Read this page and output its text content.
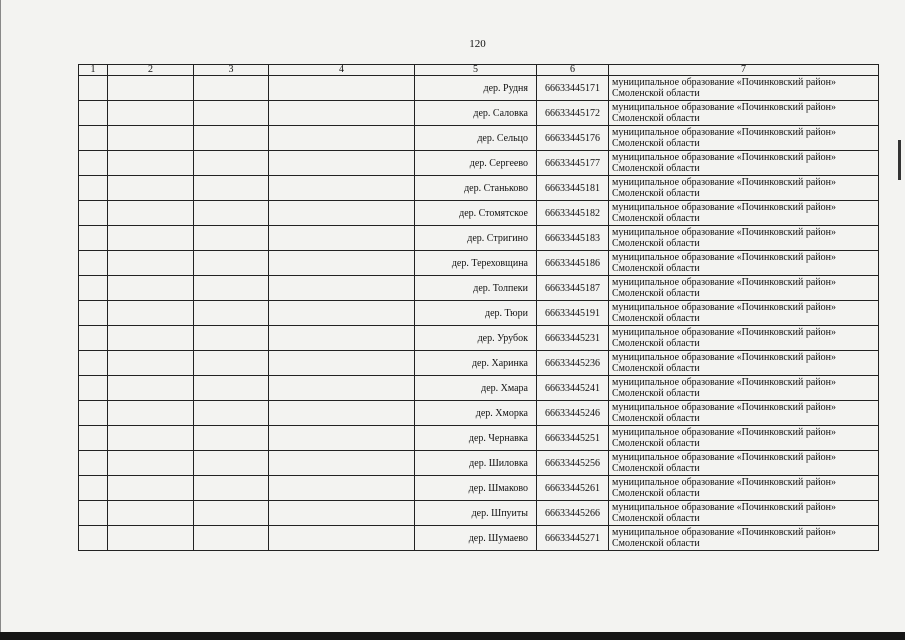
120
1	2	3	4	5	6	7
				дер. Рудня	66633445171	муниципальное образование «Починковский район»
Смоленской области

				дер. Саловка	66633445172	муниципальное образование «Починковский район»
Смоленской области

				дер. Сельцо	66633445176	муниципальное образование «Починковский район»
Смоленской области

				дер. Сергеево	66633445177	муниципальное образование «Починковский район»
Смоленской области

				дер. Станьково	66633445181	муниципальное образование «Починковский район»
Смоленской области

				дер. Стомятское	66633445182	муниципальное образование «Починковский район»
Смоленской области

				дер. Стригино	66633445183	муниципальное образование «Починковский район»
Смоленской области

				дер. Тереховщина	66633445186	муниципальное образование «Починковский район»
Смоленской области

				дер. Толпеки	66633445187	муниципальное образование «Починковский район»
Смоленской области

				дер. Тюри	66633445191	муниципальное образование «Починковский район»
Смоленской области

				дер. Урубок	66633445231	муниципальное образование «Починковский район»
Смоленской области

				дер. Харинка	66633445236	муниципальное образование «Починковский район»
Смоленской области

				дер. Хмара	66633445241	муниципальное образование «Починковский район»
Смоленской области

				дер. Хморка	66633445246	муниципальное образование «Починковский район»
Смоленской области

				дер. Чернавка	66633445251	муниципальное образование «Починковский район»
Смоленской области

				дер. Шиловка	66633445256	муниципальное образование «Починковский район»
Смоленской области

				дер. Шмаково	66633445261	муниципальное образование «Починковский район»
Смоленской области

				дер. Шпуиты	66633445266	муниципальное образование «Починковский район»
Смоленской области

				дер. Шумаево	66633445271	муниципальное образование «Починковский район»
Смоленской области
